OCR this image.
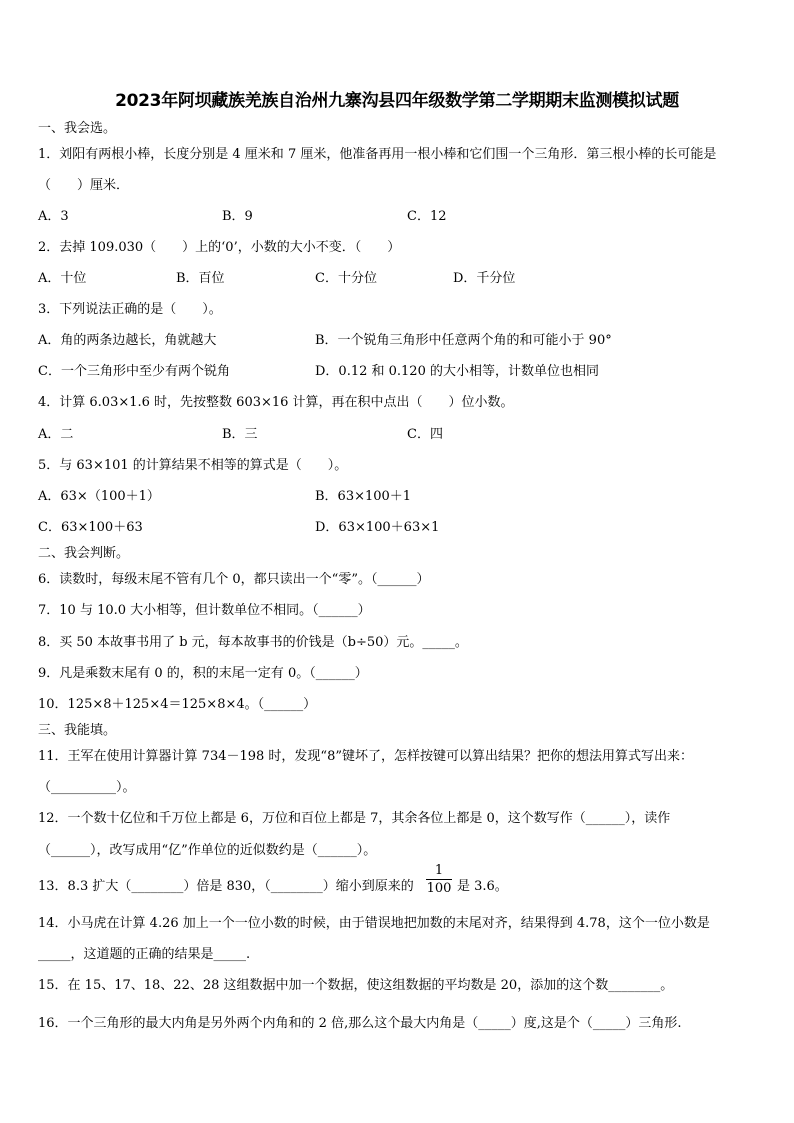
2023年阿坝藏族羌族自治州九寨沟县四年级数学第二学期期末监测模拟试题
一、我会选。
1．刘阳有两根小棒，长度分别是 4 厘米和 7 厘米，他准备再用一根小棒和它们围一个三角形．第三根小棒的长可能是
（　　）厘米．
A．3	B．9	C．12
2．去掉 109.030（　　）上的‘0’，小数的大小不变．（　　）
A．十位	B．百位	C．十分位	D．千分位
3．下列说法正确的是（　　）。
A．角的两条边越长，角就越大	B．一个锐角三角形中任意两个角的和可能小于 90°
C．一个三角形中至少有两个锐角	D．0.12 和 0.120 的大小相等，计数单位也相同
4．计算 6.03×1.6 时，先按整数 603×16 计算，再在积中点出（　　）位小数。
A．二	B．三	C．四
5．与 63×101 的计算结果不相等的算式是（　　）。
A．63×（100＋1）	B．63×100＋1
C．63×100＋63	D．63×100＋63×1
二、我会判断。
6．读数时，每级末尾不管有几个 0，都只读出一个“零”。（______）
7．10 与 10.0 大小相等，但计数单位不相同。（______）
8．买 50 本故事书用了 b 元，每本故事书的价钱是（b÷50）元。_____。
9．凡是乘数末尾有 0 的，积的末尾一定有 0。（______）
10．125×8＋125×4＝125×8×4。（______）
三、我能填。
11．王军在使用计算器计算 734－198 时，发现“8”键坏了，怎样按键可以算出结果？把你的想法用算式写出来：
（__________）。
12．一个数十亿位和千万位上都是 6，万位和百位上都是 7，其余各位上都是 0，这个数写作（______），读作
（______），改写成用“亿”作单位的近似数约是（______）。
13．8.3 扩大（________）倍是 830，（________）缩小到原来的
1
100 是 3.6。
14．小马虎在计算 4.26 加上一个一位小数的时候，由于错误地把加数的末尾对齐，结果得到 4.78，这个一位小数是
_____，这道题的正确的结果是_____.
15．在 15、17、18、22、28 这组数据中加一个数据，使这组数据的平均数是 20，添加的这个数________。
16．一个三角形的最大内角是另外两个内角和的 2 倍,那么这个最大内角是（_____）度,这是个（_____）三角形.
